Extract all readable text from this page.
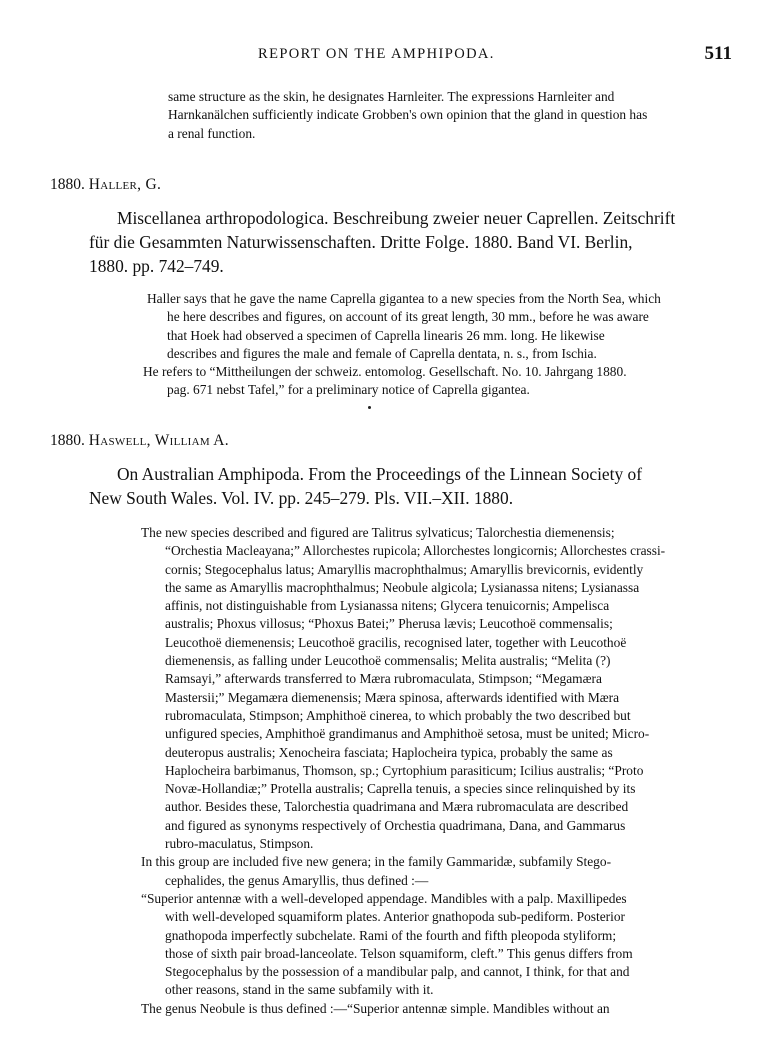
REPORT ON THE AMPHIPODA.	511
same structure as the skin, he designates Harnleiter. The expressions Harnleiter and
Harnkanälchen sufficiently indicate Grobben's own opinion that the gland in question has
a renal function.
1880. Haller, G.
Miscellanea arthropodologica. Beschreibung zweier neuer Caprellen. Zeitschrift
für die Gesammten Naturwissenschaften. Dritte Folge. 1880. Band VI. Berlin,
1880. pp. 742–749.
Haller says that he gave the name Caprella gigantea to a new species from the North Sea, which
he here describes and figures, on account of its great length, 30 mm., before he was aware
that Hoek had observed a specimen of Caprella linearis 26 mm. long. He likewise
describes and figures the male and female of Caprella dentata, n. s., from Ischia.
He refers to “Mittheilungen der schweiz. entomolog. Gesellschaft. No. 10. Jahrgang 1880.
pag. 671 nebst Tafel,” for a preliminary notice of Caprella gigantea.
1880. Haswell, William A.
On Australian Amphipoda. From the Proceedings of the Linnean Society of
New South Wales. Vol. IV. pp. 245–279. Pls. VII.–XII. 1880.
The new species described and figured are Talitrus sylvaticus; Talorchestia diemenensis;
“Orchestia Macleayana;” Allorchestes rupicola; Allorchestes longicornis; Allorchestes crassi-
cornis; Stegocephalus latus; Amaryllis macrophthalmus; Amaryllis brevicornis, evidently
the same as Amaryllis macrophthalmus; Neobule algicola; Lysianassa nitens; Lysianassa
affinis, not distinguishable from Lysianassa nitens; Glycera tenuicornis; Ampelisca
australis; Phoxus villosus; “Phoxus Batei;” Pherusa lævis; Leucothoë commensalis;
Leucothoë diemenensis; Leucothoë gracilis, recognised later, together with Leucothoë
diemenensis, as falling under Leucothoë commensalis; Melita australis; “Melita (?)
Ramsayi,” afterwards transferred to Mæra rubromaculata, Stimpson; “Megamæra
Mastersii;” Megamæra diemenensis; Mæra spinosa, afterwards identified with Mæra
rubromaculata, Stimpson; Amphithoë cinerea, to which probably the two described but
unfigured species, Amphithoë grandimanus and Amphithoë setosa, must be united; Micro-
deuteropus australis; Xenocheira fasciata; Haplocheira typica, probably the same as
Haplocheira barbimanus, Thomson, sp.; Cyrtophium parasiticum; Icilius australis; “Proto
Novæ-Hollandiæ;” Protella australis; Caprella tenuis, a species since relinquished by its
author. Besides these, Talorchestia quadrimana and Mæra rubromaculata are described
and figured as synonyms respectively of Orchestia quadrimana, Dana, and Gammarus
rubro-maculatus, Stimpson.
In this group are included five new genera; in the family Gammaridæ, subfamily Stego-
cephalides, the genus Amaryllis, thus defined :—
“Superior antennæ with a well-developed appendage. Mandibles with a palp. Maxillipedes
with well-developed squamiform plates. Anterior gnathopoda sub-pediform. Posterior
gnathopoda imperfectly subchelate. Rami of the fourth and fifth pleopoda styliform;
those of sixth pair broad-lanceolate. Telson squamiform, cleft.” This genus differs from
Stegocephalus by the possession of a mandibular palp, and cannot, I think, for that and
other reasons, stand in the same subfamily with it.
The genus Neobule is thus defined :—“Superior antennæ simple. Mandibles without an
